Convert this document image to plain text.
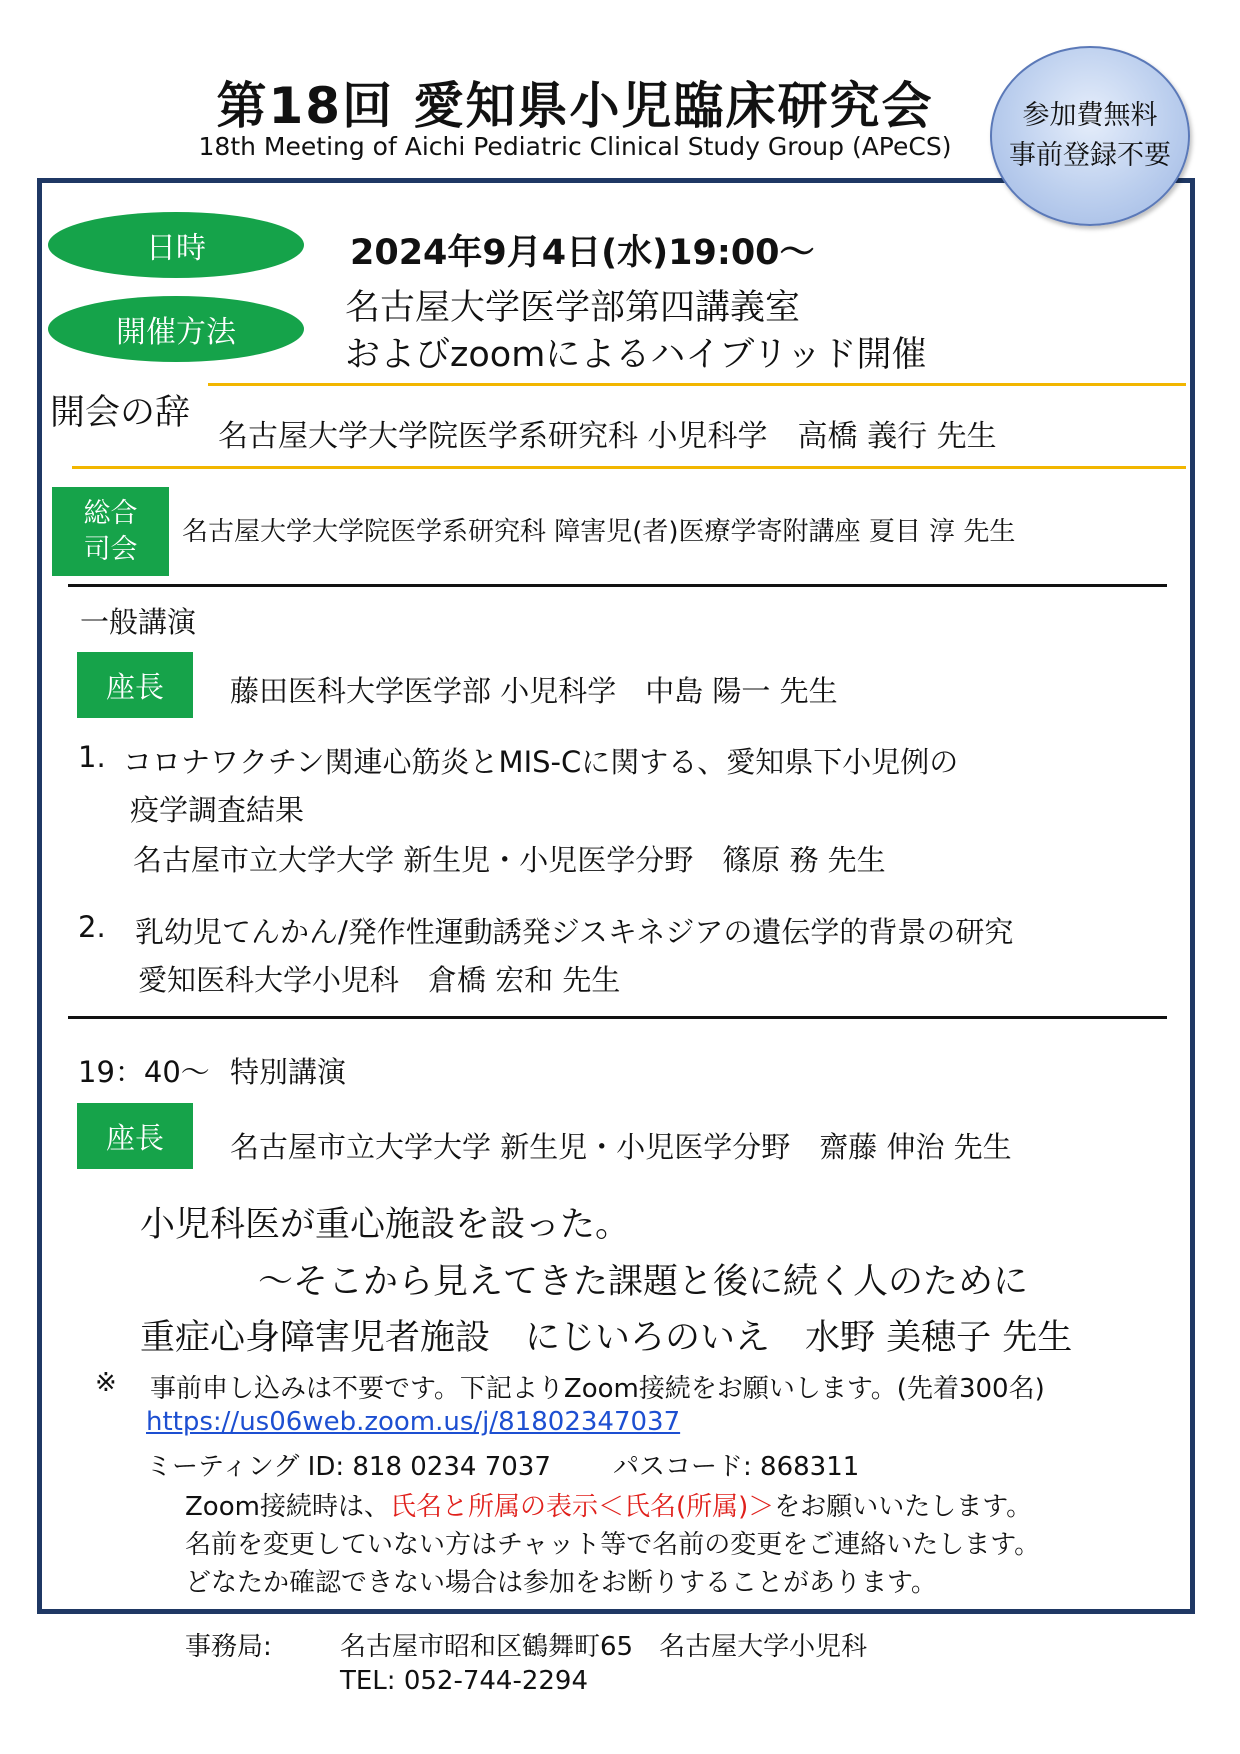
第18回 愛知県小児臨床研究会
18th Meeting of Aichi Pediatric Clinical Study Group (APeCS)
参加費無料
事前登録不要
日時	2024年9月4日(水)19:00～
開催方法
名古屋大学医学部第四講義室
およびzoomによるハイブリッド開催
開会の辞
名古屋大学大学院医学系研究科 小児科学　高橋 義行 先生
総合
司会
名古屋大学大学院医学系研究科 障害児(者)医療学寄附講座 夏目 淳 先生
一般講演
座長	藤田医科大学医学部 小児科学　中島 陽一 先生
1. コロナワクチン関連心筋炎とMIS-Cに関する、愛知県下小児例の
疫学調査結果
名古屋市立大学大学 新生児・小児医学分野　篠原 務 先生
2. 乳幼児てんかん/発作性運動誘発ジスキネジアの遺伝学的背景の研究
愛知医科大学小児科　倉橋 宏和 先生
19：40～ 特別講演
座長	名古屋市立大学大学 新生児・小児医学分野　齋藤 伸治 先生
小児科医が重心施設を設った。
～そこから見えてきた課題と後に続く人のために
重症心身障害児者施設　にじいろのいえ　水野 美穂子 先生
※ 事前申し込みは不要です。下記よりZoom接続をお願いします。(先着300名)
https://us06web.zoom.us/j/81802347037
ミーティング ID: 818 0234 7037 パスコード: 868311
Zoom接続時は、氏名と所属の表示＜氏名(所属)＞をお願いいたします。
名前を変更していない方はチャット等で名前の変更をご連絡いたします。
どなたか確認できない場合は参加をお断りすることがあります。
事務局:	名古屋市昭和区鶴舞町65　名古屋大学小児科
TEL: 052-744-2294
